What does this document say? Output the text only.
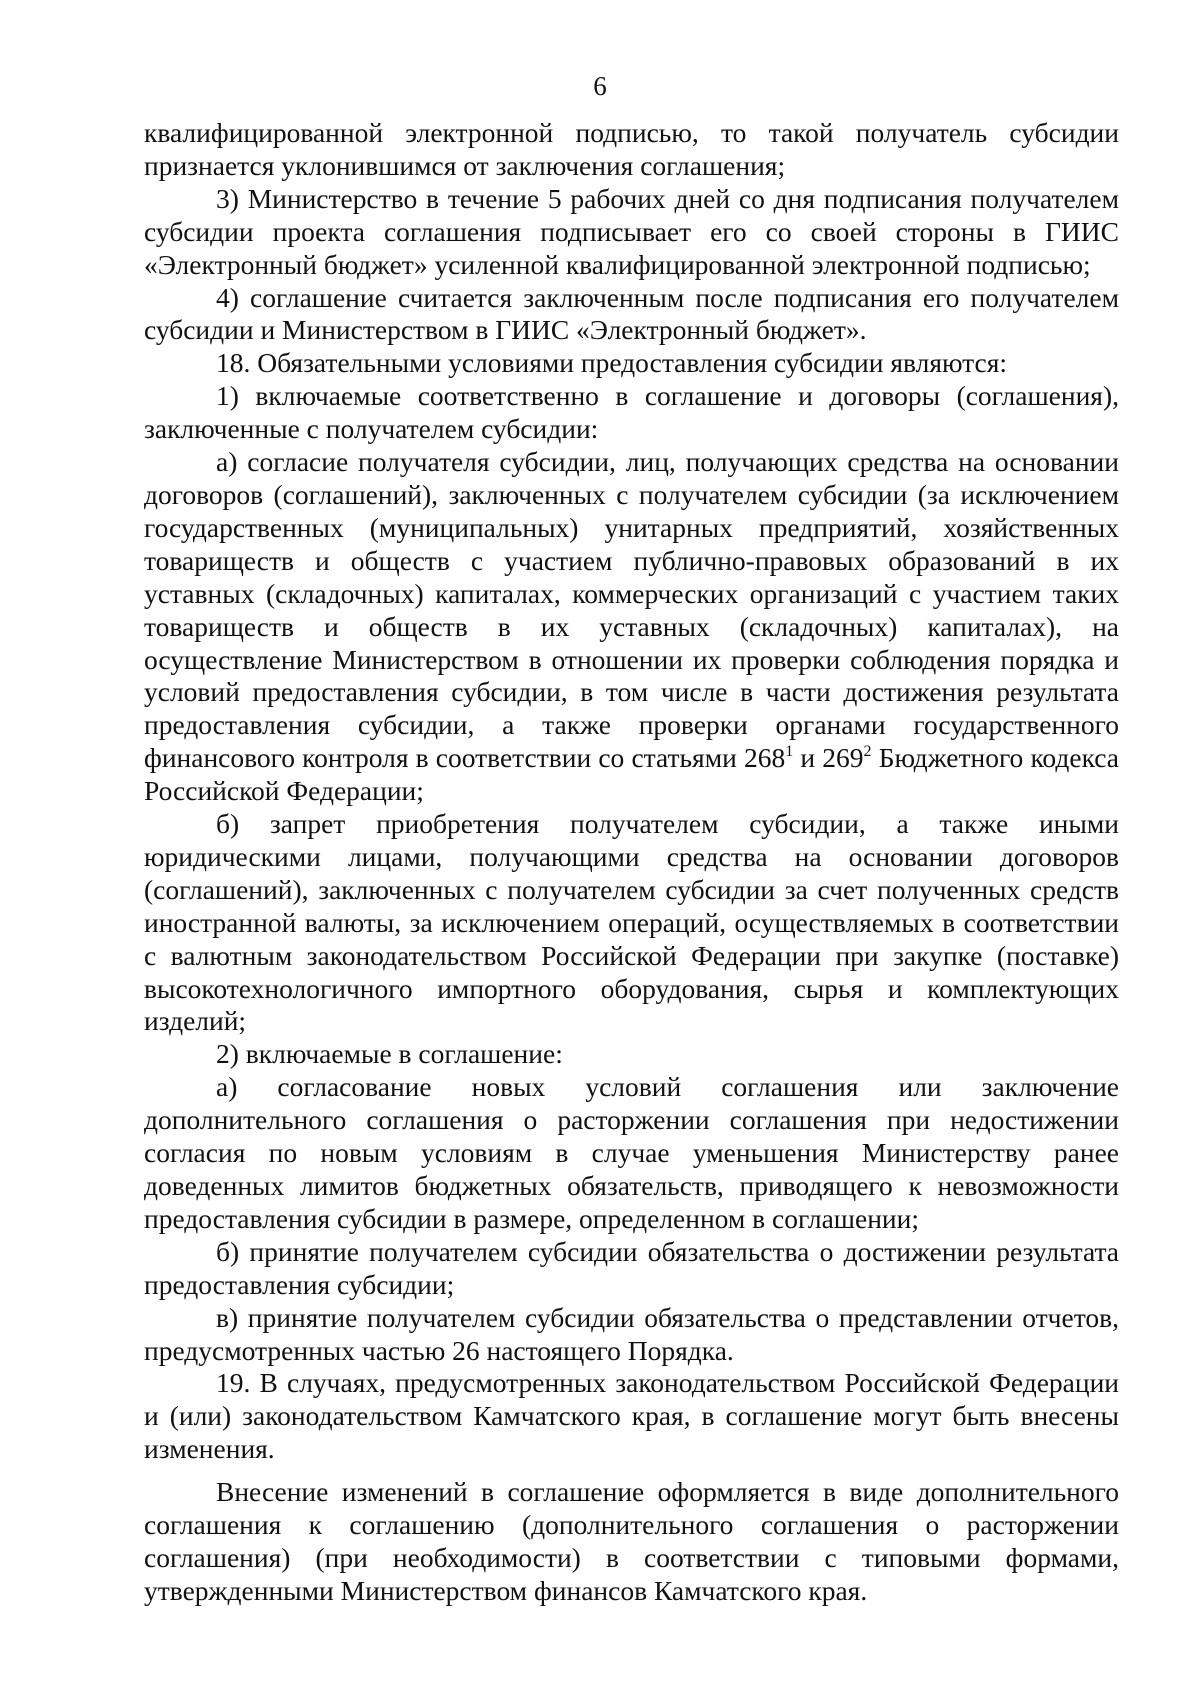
6

квалифицированной электронной подписью, то такой получатель субсидии признается уклонившимся от заключения соглашения;

3) Министерство в течение 5 рабочих дней со дня подписания получателем субсидии проекта соглашения подписывает его со своей стороны в ГИИС «Электронный бюджет» усиленной квалифицированной электронной подписью;

4) соглашение считается заключенным после подписания его получателем субсидии и Министерством в ГИИС «Электронный бюджет».

18. Обязательными условиями предоставления субсидии являются:

1) включаемые соответственно в соглашение и договоры (соглашения), заключенные с получателем субсидии:

а) согласие получателя субсидии, лиц, получающих средства на основании договоров (соглашений), заключенных с получателем субсидии (за исключением государственных (муниципальных) унитарных предприятий, хозяйственных товариществ и обществ с участием публично-правовых образований в их уставных (складочных) капиталах, коммерческих организаций с участием таких товариществ и обществ в их уставных (складочных) капиталах), на осуществление Министерством в отношении их проверки соблюдения порядка и условий предоставления субсидии, в том числе в части достижения результата предоставления субсидии, а также проверки органами государственного финансового контроля в соответствии со статьями $268^1$ и $269^2$ Бюджетного кодекса Российской Федерации;

б) запрет приобретения получателем субсидии, а также иными юридическими лицами, получающими средства на основании договоров (соглашений), заключенных с получателем субсидии за счет полученных средств иностранной валюты, за исключением операций, осуществляемых в соответствии с валютным законодательством Российской Федерации при закупке (поставке) высокотехнологичного импортного оборудования, сырья и комплектующих изделий;

2) включаемые в соглашение:

а) согласование новых условий соглашения или заключение дополнительного соглашения о расторжении соглашения при недостижении согласия по новым условиям в случае уменьшения Министерству ранее доведенных лимитов бюджетных обязательств, приводящего к невозможности предоставления субсидии в размере, определенном в соглашении;

б) принятие получателем субсидии обязательства о достижении результата предоставления субсидии;

в) принятие получателем субсидии обязательства о представлении отчетов, предусмотренных частью 26 настоящего Порядка.

19. В случаях, предусмотренных законодательством Российской Федерации и (или) законодательством Камчатского края, в соглашение могут быть внесены изменения.

Внесение изменений в соглашение оформляется в виде дополнительного соглашения к соглашению (дополнительного соглашения о расторжении соглашения) (при необходимости) в соответствии с типовыми формами, утвержденными Министерством финансов Камчатского края.
